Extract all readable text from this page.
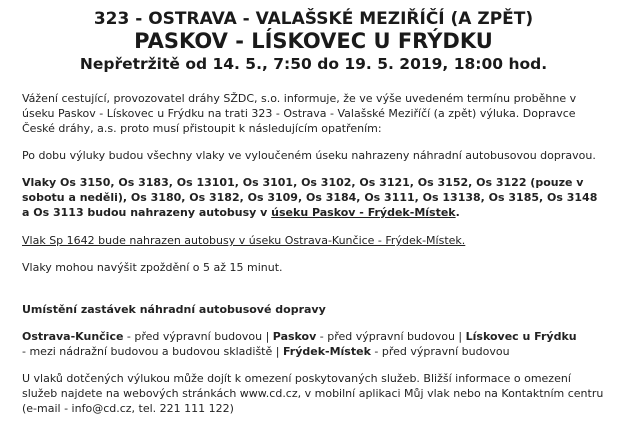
323 - OSTRAVA - VALAŠSKÉ MEZIŘÍČÍ (A ZPĚT)
PASKOV - LÍSKOVEC U FRÝDKU
Nepřetržitě od 14. 5., 7:50 do 19. 5. 2019, 18:00 hod.

Vážení cestující, provozovatel dráhy SŽDC, s.o. informuje, že ve výše uvedeném termínu proběhne v

úseku Paskov - Lískovec u Frýdku na trati 323 - Ostrava - Valašské Meziříčí (a zpět) výluka. Dopravce

České dráhy, a.s. proto musí přistoupit k následujícím opatřením:

Po dobu výluky budou všechny vlaky ve vyloučeném úseku nahrazeny náhradní autobusovou dopravou.

Vlaky Os 3150, Os 3183, Os 13101, Os 3101, Os 3102, Os 3121, Os 3152, Os 3122 (pouze v

sobotu a neděli), Os 3180, Os 3182, Os 3109, Os 3184, Os 3111, Os 13138, Os 3185, Os 3148

a Os 3113 budou nahrazeny autobusy v úseku Paskov - Frýdek-Místek.

Vlak Sp 1642 bude nahrazen autobusy v úseku Ostrava-Kunčice - Frýdek-Místek.

Vlaky mohou navýšit zpoždění o 5 až 15 minut.

Umístění zastávek náhradní autobusové dopravy

Ostrava-Kunčice - před výpravní budovou | Paskov - před výpravní budovou | Lískovec u Frýdku

- mezi nádražní budovou a budovou skladiště | Frýdek-Místek - před výpravní budovou

U vlaků dotčených výlukou může dojít k omezení poskytovaných služeb. Bližší informace o omezení

služeb najdete na webových stránkách www.cd.cz, v mobilní aplikaci Můj vlak nebo na Kontaktním centru

(e-mail - info@cd.cz, tel. 221 111 122)
